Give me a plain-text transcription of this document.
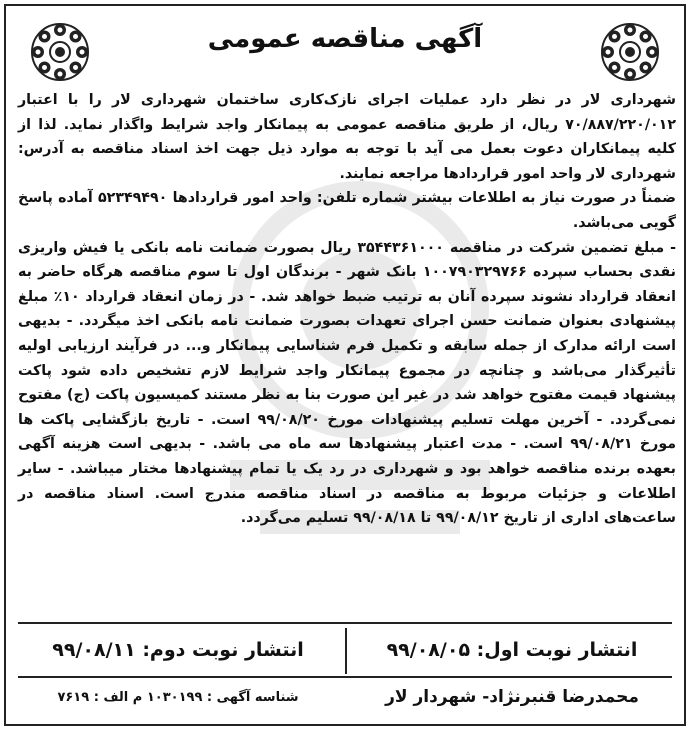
آگهی مناقصه عمومی

شهرداری لار در نظر دارد عملیات اجرای نازک‌کاری ساختمان شهرداری لار را با اعتبار ۷۰/۸۸۷/۲۲۰/۰۱۲ ریال، از طریق مناقصه عمومی به پیمانکار واجد شرایط واگذار نماید. لذا از کلیه پیمانکاران دعوت بعمل می آید با توجه به موارد ذیل جهت اخذ اسناد مناقصه به آدرس: شهرداری لار واحد امور قراردادها مراجعه نمایند.

ضمناً در صورت نیاز به اطلاعات بیشتر شماره تلفن: واحد امور قراردادها ۵۲۳۴۹۴۹۰ آماده پاسخ گویی می‌باشد.

- مبلغ تضمین شرکت در مناقصه ۳۵۴۴۳۶۱۰۰۰ ریال بصورت ضمانت نامه بانکی یا فیش واریزی نقدی بحساب سپرده ۱۰۰۷۹۰۳۲۹۷۶۶ بانک شهر - برندگان اول تا سوم مناقصه هرگاه حاضر به انعقاد قرارداد نشوند سپرده آنان به ترتیب ضبط خواهد شد. - در زمان انعقاد قرارداد ۱۰٪ مبلغ پیشنهادی بعنوان ضمانت حسن اجرای تعهدات بصورت ضمانت نامه بانکی اخذ میگردد. - بدیهی است ارائه مدارک از جمله سابقه و تکمیل فرم شناسایی پیمانکار و... در فرآیند ارزیابی اولیه تأثیرگذار می‌باشد و چنانچه در مجموع پیمانکار واجد شرایط لازم تشخیص داده شود پاکت پیشنهاد قیمت مفتوح خواهد شد در غیر این صورت بنا به نظر مستند کمیسیون پاکت (ج) مفتوح نمی‌گردد. - آخرین مهلت تسلیم پیشنهادات مورخ ۹۹/۰۸/۲۰ است. - تاریخ بازگشایی پاکت ها مورخ ۹۹/۰۸/۲۱ است. - مدت اعتبار پیشنهادها سه ماه می باشد. - بدیهی است هزینه آگهی بعهده برنده مناقصه خواهد بود و شهرداری در رد یک یا تمام پیشنهادها مختار میباشد. - سایر اطلاعات و جزئیات مربوط به مناقصه در اسناد مناقصه مندرج است. اسناد مناقصه در ساعت‌های اداری از تاریخ ۹۹/۰۸/۱۲ تا ۹۹/۰۸/۱۸ تسلیم می‌گردد.

انتشار نوبت اول: ۹۹/۰۸/۰۵
انتشار نوبت دوم: ۹۹/۰۸/۱۱
محمدرضا قنبرنژاد- شهردار لار
شناسه آگهی : ۱۰۳۰۱۹۹ م الف : ۷۶۱۹
